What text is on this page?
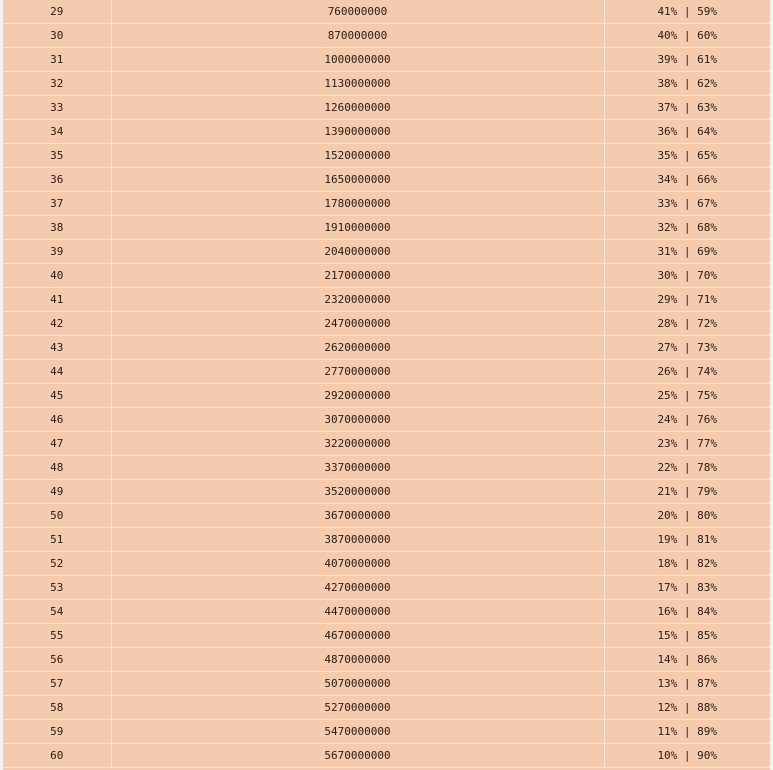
29	760000000	41% | 59%
30	870000000	40% | 60%
31	1000000000	39% | 61%
32	1130000000	38% | 62%
33	1260000000	37% | 63%
34	1390000000	36% | 64%
35	1520000000	35% | 65%
36	1650000000	34% | 66%
37	1780000000	33% | 67%
38	1910000000	32% | 68%
39	2040000000	31% | 69%
40	2170000000	30% | 70%
41	2320000000	29% | 71%
42	2470000000	28% | 72%
43	2620000000	27% | 73%
44	2770000000	26% | 74%
45	2920000000	25% | 75%
46	3070000000	24% | 76%
47	3220000000	23% | 77%
48	3370000000	22% | 78%
49	3520000000	21% | 79%
50	3670000000	20% | 80%
51	3870000000	19% | 81%
52	4070000000	18% | 82%
53	4270000000	17% | 83%
54	4470000000	16% | 84%
55	4670000000	15% | 85%
56	4870000000	14% | 86%
57	5070000000	13% | 87%
58	5270000000	12% | 88%
59	5470000000	11% | 89%
60	5670000000	10% | 90%
